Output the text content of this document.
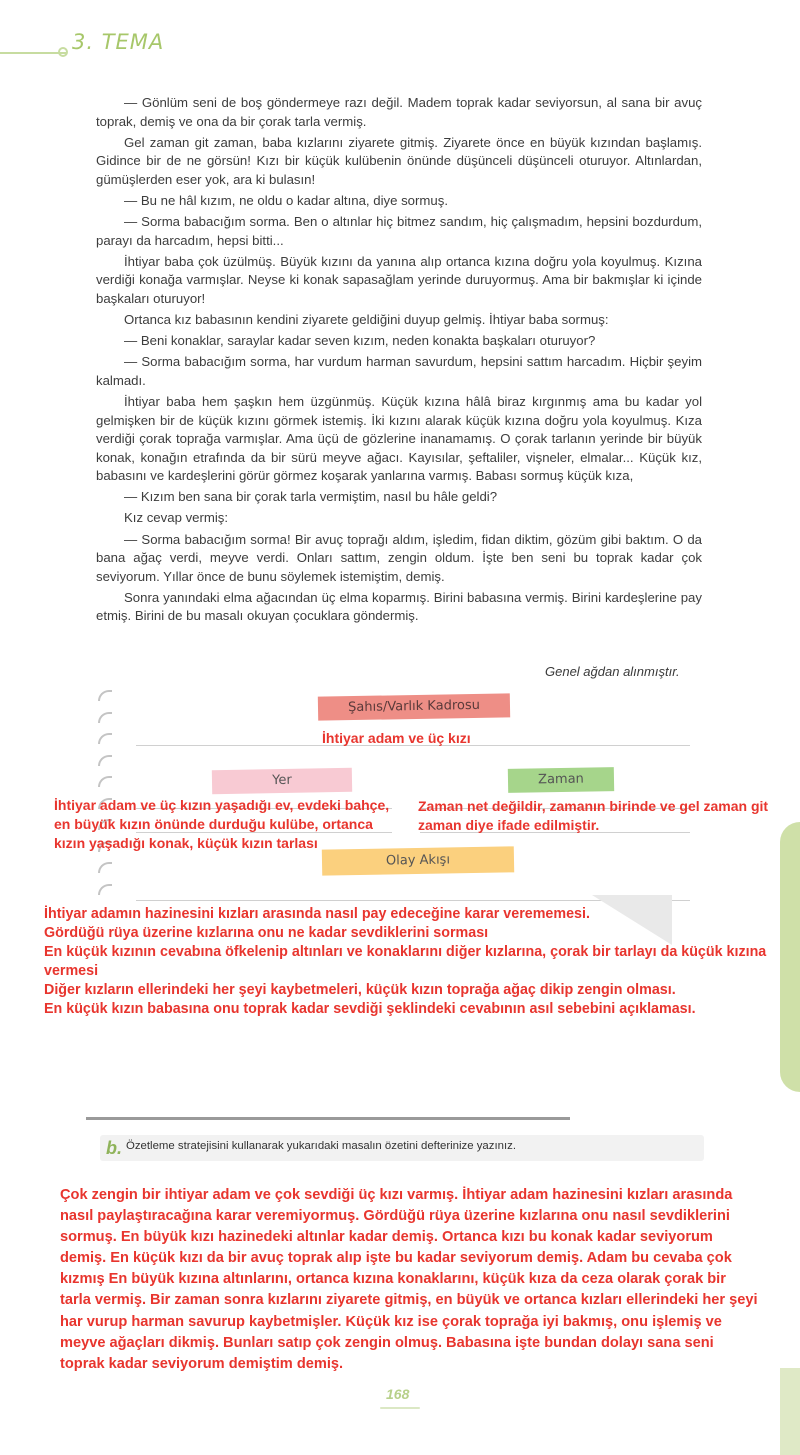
3. TEMA

— Gönlüm seni de boş göndermeye razı değil. Madem toprak kadar seviyorsun, al sana bir avuç toprak, demiş ve ona da bir çorak tarla vermiş.

Gel zaman git zaman, baba kızlarını ziyarete gitmiş. Ziyarete önce en büyük kızından başlamış. Gidince bir de ne görsün! Kızı bir küçük kulübenin önünde düşünceli düşünceli oturuyor. Altınlardan, gümüşlerden eser yok, ara ki bulasın!

— Bu ne hâl kızım, ne oldu o kadar altına, diye sormuş.

— Sorma babacığım sorma. Ben o altınlar hiç bitmez sandım, hiç çalışmadım, hepsini bozdurdum, parayı da harcadım, hepsi bitti...

İhtiyar baba çok üzülmüş. Büyük kızını da yanına alıp ortanca kızına doğru yola koyulmuş. Kızına verdiği konağa varmışlar. Neyse ki konak sapasağlam yerinde duruyormuş. Ama bir bakmışlar ki içinde başkaları oturuyor!

Ortanca kız babasının kendini ziyarete geldiğini duyup gelmiş. İhtiyar baba sormuş:

— Beni konaklar, saraylar kadar seven kızım, neden konakta başkaları oturuyor?

— Sorma babacığım sorma, har vurdum harman savurdum, hepsini sattım harcadım. Hiçbir şeyim kalmadı.

İhtiyar baba hem şaşkın hem üzgünmüş. Küçük kızına hâlâ biraz kırgınmış ama bu kadar yol gelmişken bir de küçük kızını görmek istemiş. İki kızını alarak küçük kızına doğru yola koyulmuş. Kıza verdiği çorak toprağa varmışlar. Ama üçü de gözlerine inanamamış. O çorak tarlanın yerinde bir büyük konak, konağın etrafında da bir sürü meyve ağacı. Kayısılar, şeftaliler, vişneler, elmalar... Küçük kız, babasını ve kardeşlerini görür görmez koşarak yanlarına varmış. Babası sormuş küçük kıza,

— Kızım ben sana bir çorak tarla vermiştim, nasıl bu hâle geldi?

Kız cevap vermiş:

— Sorma babacığım sorma! Bir avuç toprağı aldım, işledim, fidan diktim, gözüm gibi baktım. O da bana ağaç verdi, meyve verdi. Onları sattım, zengin oldum. İşte ben seni bu toprak kadar çok seviyorum. Yıllar önce de bunu söylemek istemiştim, demiş.

Sonra yanındaki elma ağacından üç elma koparmış. Birini babasına vermiş. Birini kardeşlerine pay etmiş. Birini de bu masalı okuyan çocuklara göndermiş.

Genel ağdan alınmıştır.
Şahıs/Varlık Kadrosu
İhtiyar adam ve üç kızı
Yer	Zaman
İhtiyar adam ve üç kızın yaşadığı ev, evdeki bahçe, en büyük kızın önünde durduğu kulübe, ortanca kızın yaşadığı konak, küçük kızın tarlası
Zaman net değildir, zamanın birinde ve gel zaman git zaman diye ifade edilmiştir.
Olay Akışı
İhtiyar adamın hazinesini kızları arasında nasıl pay edeceğine karar verememesi.
Gördüğü rüya üzerine kızlarına onu ne kadar sevdiklerini sorması
En küçük kızının cevabına öfkelenip altınları ve konaklarını diğer kızlarına, çorak bir tarlayı da küçük kızına vermesi
Diğer kızların ellerindeki her şeyi kaybetmeleri, küçük kızın toprağa ağaç dikip zengin olması.
En küçük kızın babasına onu toprak kadar sevdiği şeklindeki cevabının asıl sebebini açıklaması.
b. Özetleme stratejisini kullanarak yukarıdaki masalın özetini defterinize yazınız.
Çok zengin bir ihtiyar adam ve çok sevdiği üç kızı varmış. İhtiyar adam hazinesini kızları arasında nasıl paylaştıracağına karar veremiyormuş. Gördüğü rüya üzerine kızlarına onu nasıl sevdiklerini sormuş. En büyük kızı hazinedeki altınlar kadar demiş. Ortanca kızı bu konak kadar seviyorum demiş. En küçük kızı da bir avuç toprak alıp işte bu kadar seviyorum demiş. Adam bu cevaba çok kızmış En büyük kızına altınlarını, ortanca kızına konaklarını, küçük kıza da ceza olarak çorak bir tarla vermiş. Bir zaman sonra kızlarını ziyarete gitmiş, en büyük ve ortanca kızları ellerindeki her şeyi har vurup harman savurup kaybetmişler. Küçük kız ise çorak toprağa iyi bakmış, onu işlemiş ve meyve ağaçları dikmiş. Bunları satıp çok zengin olmuş. Babasına işte bundan dolayı sana seni toprak kadar seviyorum demiştim demiş.
168
